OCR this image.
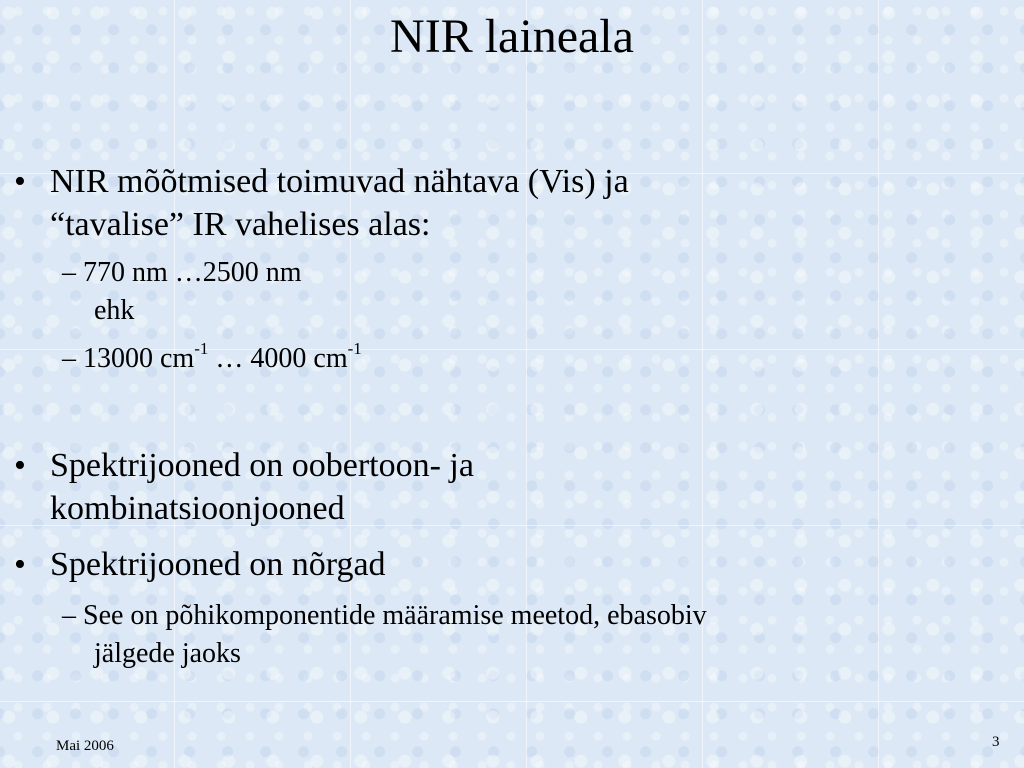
NIR laineala
• NIR mõõtmised toimuvad nähtava (Vis) ja
“tavalise” IR vahelises alas:
– 770 nm …2500 nm
ehk
– 13000 $cm^{-1}$ … 4000 $cm^{-1}$
• Spektrijooned on oobertoon- ja
kombinatsioonjooned
• Spektrijooned on nõrgad
– See on põhikomponentide määramise meetod, ebasobiv
jälgede jaoks
Mai 2006	3
